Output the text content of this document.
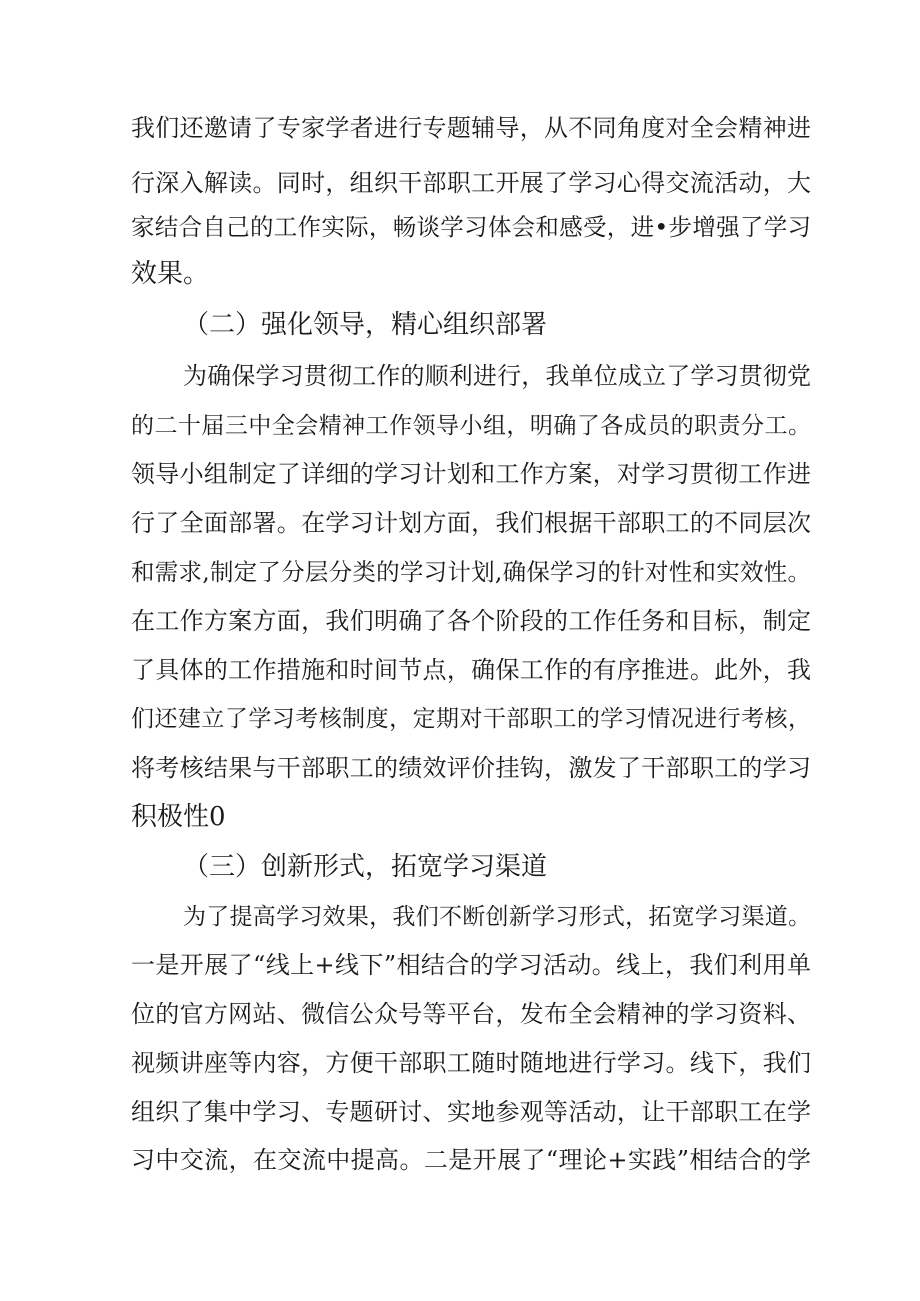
我们还邀请了专家学者进行专题辅导，从不同角度对全会精神进
行深入解读。同时，组织干部职工开展了学习心得交流活动，大
家结合自己的工作实际，畅谈学习体会和感受，进•步增强了学习
效果。
（二）强化领导，精心组织部署
为确保学习贯彻工作的顺利进行，我单位成立了学习贯彻党
的二十届三中全会精神工作领导小组，明确了各成员的职责分工。
领导小组制定了详细的学习计划和工作方案，对学习贯彻工作进
行了全面部署。在学习计划方面，我们根据干部职工的不同层次
和需求,制定了分层分类的学习计划,确保学习的针对性和实效性。
在工作方案方面，我们明确了各个阶段的工作任务和目标，制定
了具体的工作措施和时间节点，确保工作的有序推进。此外，我
们还建立了学习考核制度，定期对干部职工的学习情况进行考核，
将考核结果与干部职工的绩效评价挂钩，激发了干部职工的学习
积极性0
（三）创新形式，拓宽学习渠道
为了提高学习效果，我们不断创新学习形式，拓宽学习渠道。
一是开展了“线上+线下”相结合的学习活动。线上，我们利用单
位的官方网站、微信公众号等平台，发布全会精神的学习资料、
视频讲座等内容，方便干部职工随时随地进行学习。线下，我们
组织了集中学习、专题研讨、实地参观等活动，让干部职工在学
习中交流，在交流中提高。二是开展了“理论+实践”相结合的学
